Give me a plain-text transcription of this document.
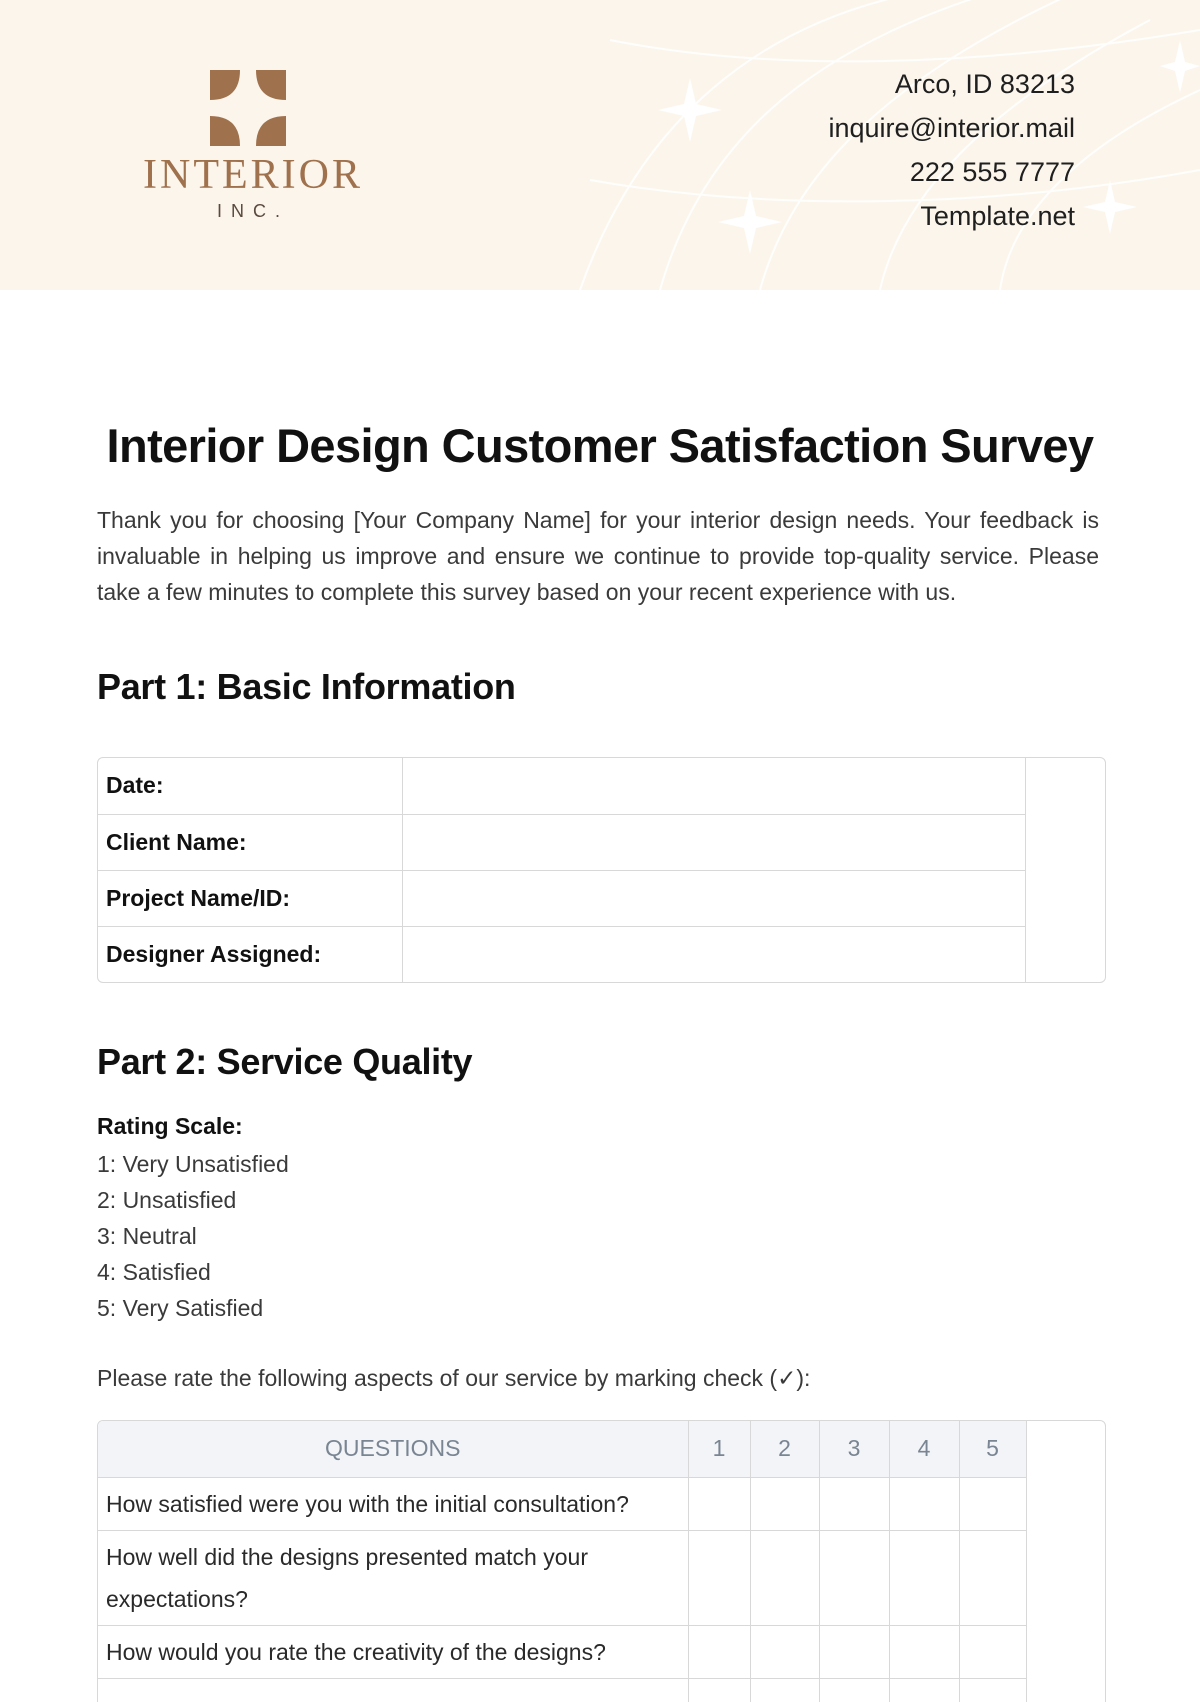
INTERIOR
INC.
Arco, ID 83213
inquire@interior.mail
222 555 7777
Template.net
Interior Design Customer Satisfaction Survey

Thank you for choosing [Your Company Name] for your interior design needs. Your feedback is invaluable in helping us improve and ensure we continue to provide top-quality service. Please take a few minutes to complete this survey based on your recent experience with us.

Part 1: Basic Information
Date:	
Client Name:	
Project Name/ID:	
Designer Assigned:	
Part 2: Service Quality
Rating Scale:
1: Very Unsatisfied
2: Unsatisfied
3: Neutral
4: Satisfied
5: Very Satisfied
Please rate the following aspects of our service by marking check (✓):
QUESTIONS	1	2	3	4	5
How satisfied were you with the initial consultation?					
How well did the designs presented match your expectations?					
How would you rate the creativity of the designs?					
